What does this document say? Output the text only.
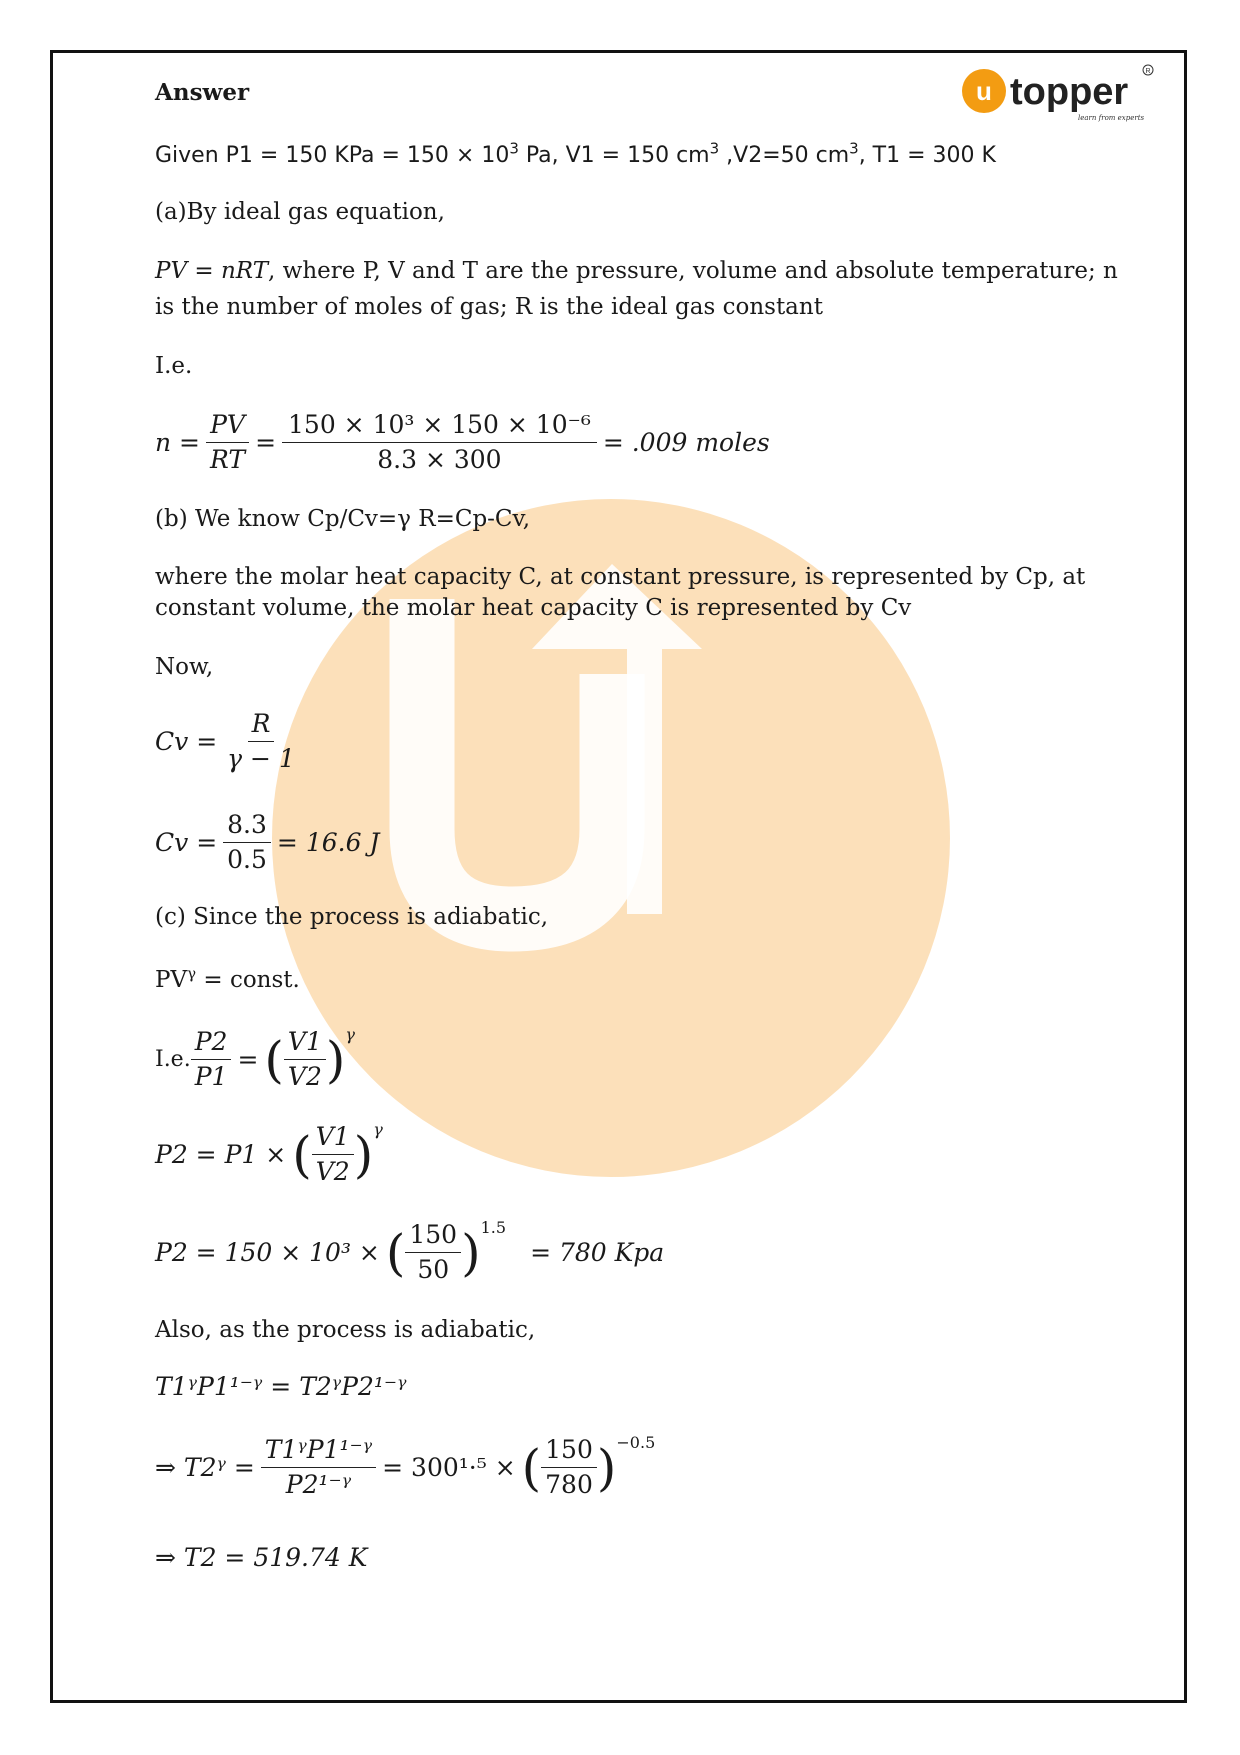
u topper
learn from experts
R
Answer
Given P1 = 150 KPa = $150 \times 10^3$ Pa, V1 = 150 $cm^3$ ,V2=50 $cm^3$, T1 = 300 K
(a)By ideal gas equation,
PV = nRT, where P, V and T are the pressure, volume and absolute temperature; n
is the number of moles of gas; R is the ideal gas constant
I.e.
$n = \frac{PV}{RT} = \frac{\text{150 × 10³ × 150 × 10⁻⁶}}{8.3 \times 300} = .009$ moles
(b) We know Cp/Cv=γ R=Cp-Cv,
where the molar heat capacity C, at constant pressure, is represented by Cp, at
constant volume, the molar heat capacity C is represented by Cv
Now,
$Cv = \frac{R}{\gamma - 1}$
$Cv = \frac{8.3}{0.5} = 16.6$ J
(c) Since the process is adiabatic,
$PV^\gamma$ = const.
I.e. $\frac{P2}{P1}$ = ( $\frac{V1}{V2}$ ) γ
P2 = P1 × ( $\frac{V1}{V2}$ ) γ
P2 = 150 × 10³ × ( $\frac{150}{50}$ ) 1.5
= 780 Kpa
Also, as the process is adiabatic,
T1ᵞP1¹⁻ᵞ = T2ᵞP2¹⁻ᵞ
⇒ T2ᵞ = $\frac{\text{T1ᵞP1¹⁻ᵞ}}{\text{P2¹⁻ᵞ}} = 300^1\cdot^5$ × ( $\frac{150}{780}$ ) −0.5
⇒ T2 = 519.74 K
